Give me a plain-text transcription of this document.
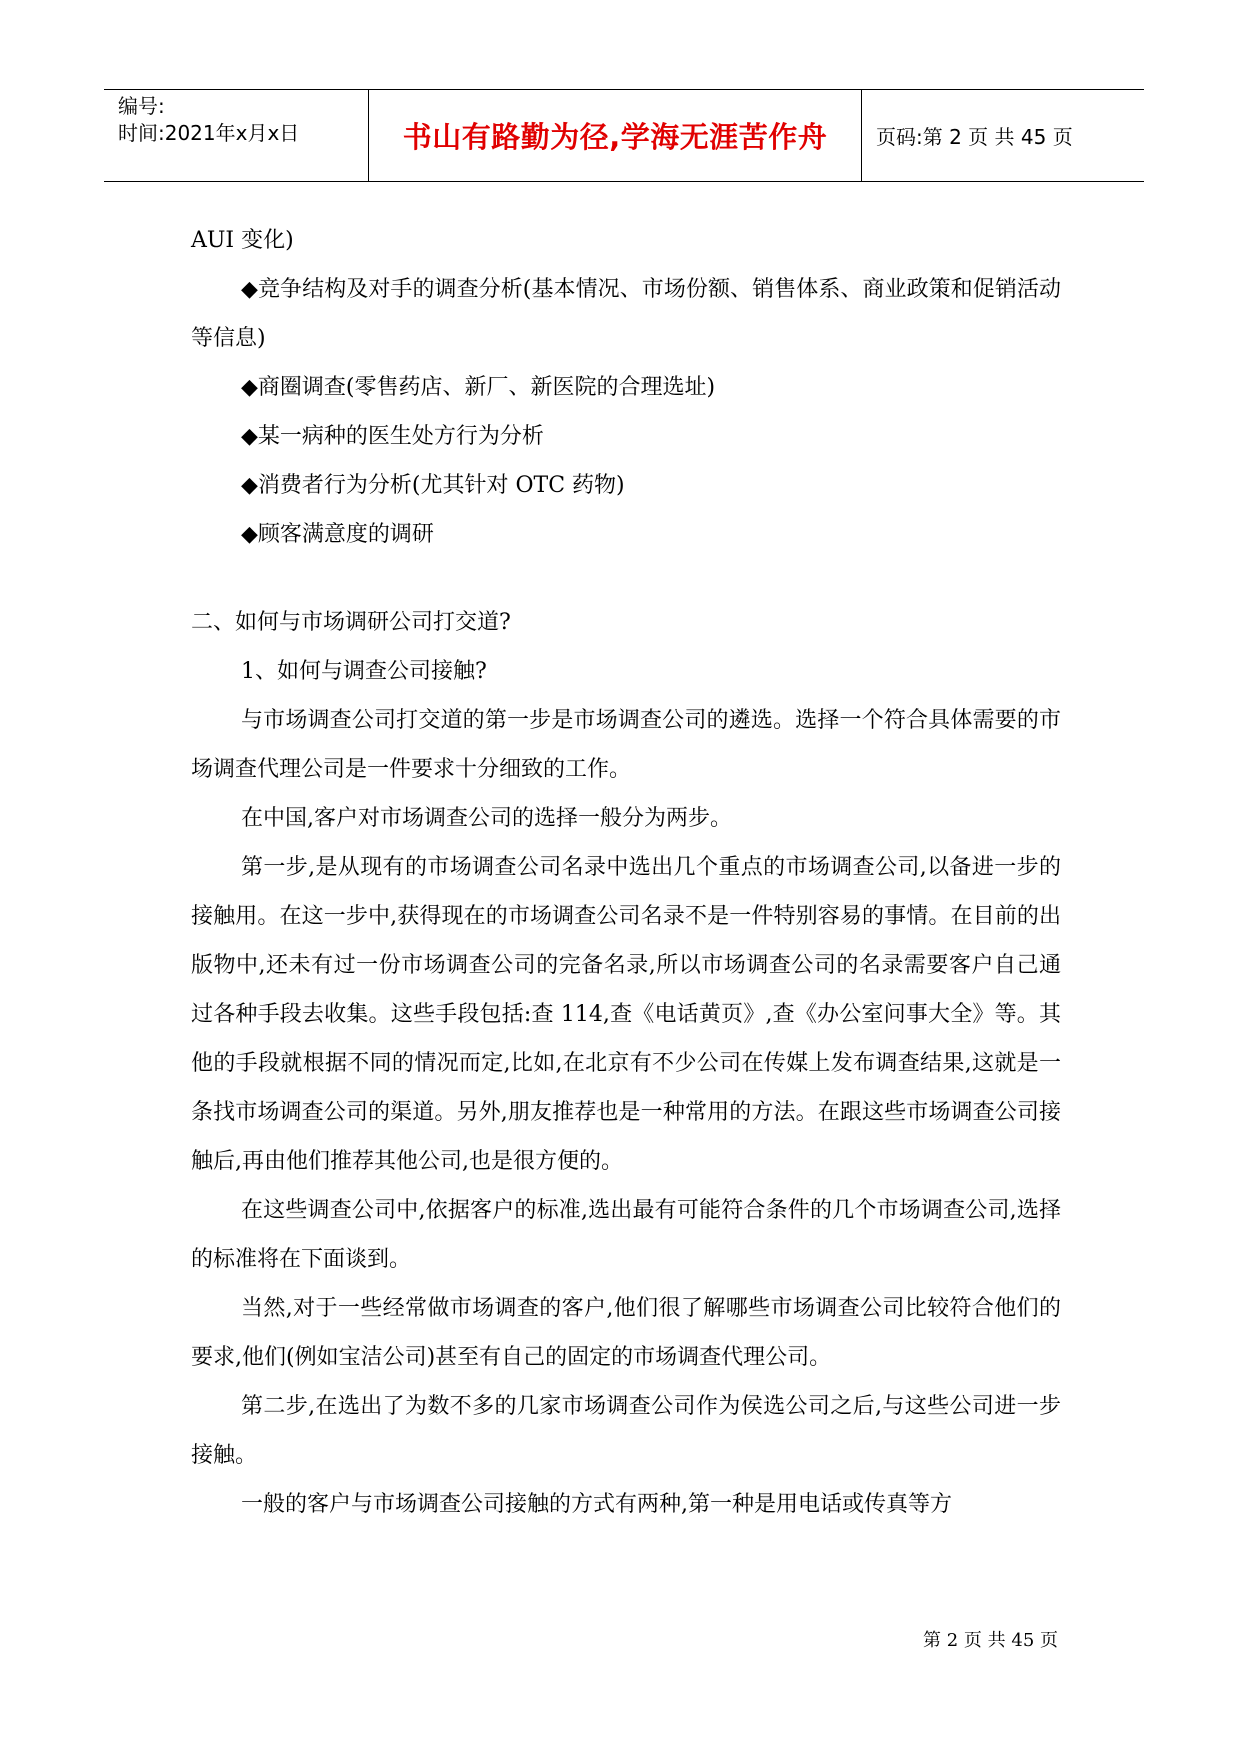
编号:
时间:2021年x月x日	书山有路勤为径,学海无涯苦作舟 页码:第 2 页 共 45 页

AUI 变化)

◆竞争结构及对手的调查分析(基本情况、市场份额、销售体系、商业政策和促销活动等信息)

◆商圈调查(零售药店、新厂、新医院的合理选址)

◆某一病种的医生处方行为分析

◆消费者行为分析(尤其针对 OTC 药物)

◆顾客满意度的调研

二、如何与市场调研公司打交道?

1、如何与调查公司接触?

与市场调查公司打交道的第一步是市场调查公司的遴选。选择一个符合具体需要的市场调查代理公司是一件要求十分细致的工作。

在中国,客户对市场调查公司的选择一般分为两步。

第一步,是从现有的市场调查公司名录中选出几个重点的市场调查公司,以备进一步的接触用。在这一步中,获得现在的市场调查公司名录不是一件特别容易的事情。在目前的出版物中,还未有过一份市场调查公司的完备名录,所以市场调查公司的名录需要客户自己通过各种手段去收集。这些手段包括:查 114,查《电话黄页》,查《办公室问事大全》等。其他的手段就根据不同的情况而定,比如,在北京有不少公司在传媒上发布调查结果,这就是一条找市场调查公司的渠道。另外,朋友推荐也是一种常用的方法。在跟这些市场调查公司接触后,再由他们推荐其他公司,也是很方便的。

在这些调查公司中,依据客户的标准,选出最有可能符合条件的几个市场调查公司,选择的标准将在下面谈到。

当然,对于一些经常做市场调查的客户,他们很了解哪些市场调查公司比较符合他们的要求,他们(例如宝洁公司)甚至有自己的固定的市场调查代理公司。

第二步,在选出了为数不多的几家市场调查公司作为侯选公司之后,与这些公司进一步接触。

一般的客户与市场调查公司接触的方式有两种,第一种是用电话或传真等方

第 2 页 共 45 页
